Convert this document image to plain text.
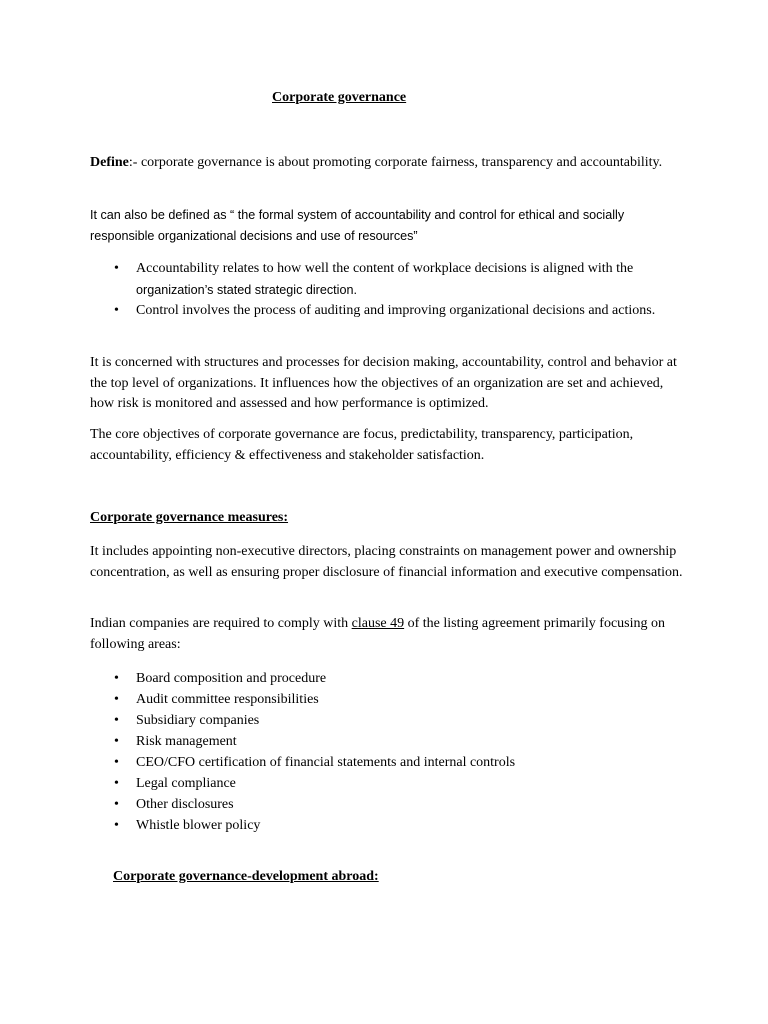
Corporate governance

Define:- corporate governance is about promoting corporate fairness, transparency and accountability.

It can also be defined as “ the formal system of accountability and control for ethical and socially responsible organizational decisions and use of resources”

• Accountability relates to how well the content of workplace decisions is aligned with the
organization’s stated strategic direction.
• Control involves the process of auditing and improving organizational decisions and actions.

It is concerned with structures and processes for decision making, accountability, control and behavior at the top level of organizations. It influences how the objectives of an organization are set and achieved, how risk is monitored and assessed and how performance is optimized.

The core objectives of corporate governance are focus, predictability, transparency, participation, accountability, efficiency & effectiveness and stakeholder satisfaction.

Corporate governance measures:

It includes appointing non-executive directors, placing constraints on management power and ownership concentration, as well as ensuring proper disclosure of financial information and executive compensation.

Indian companies are required to comply with clause 49 of the listing agreement primarily focusing on following areas:

• Board composition and procedure
• Audit committee responsibilities
• Subsidiary companies
• Risk management
• CEO/CFO certification of financial statements and internal controls
• Legal compliance
• Other disclosures
• Whistle blower policy

Corporate governance-development abroad:
